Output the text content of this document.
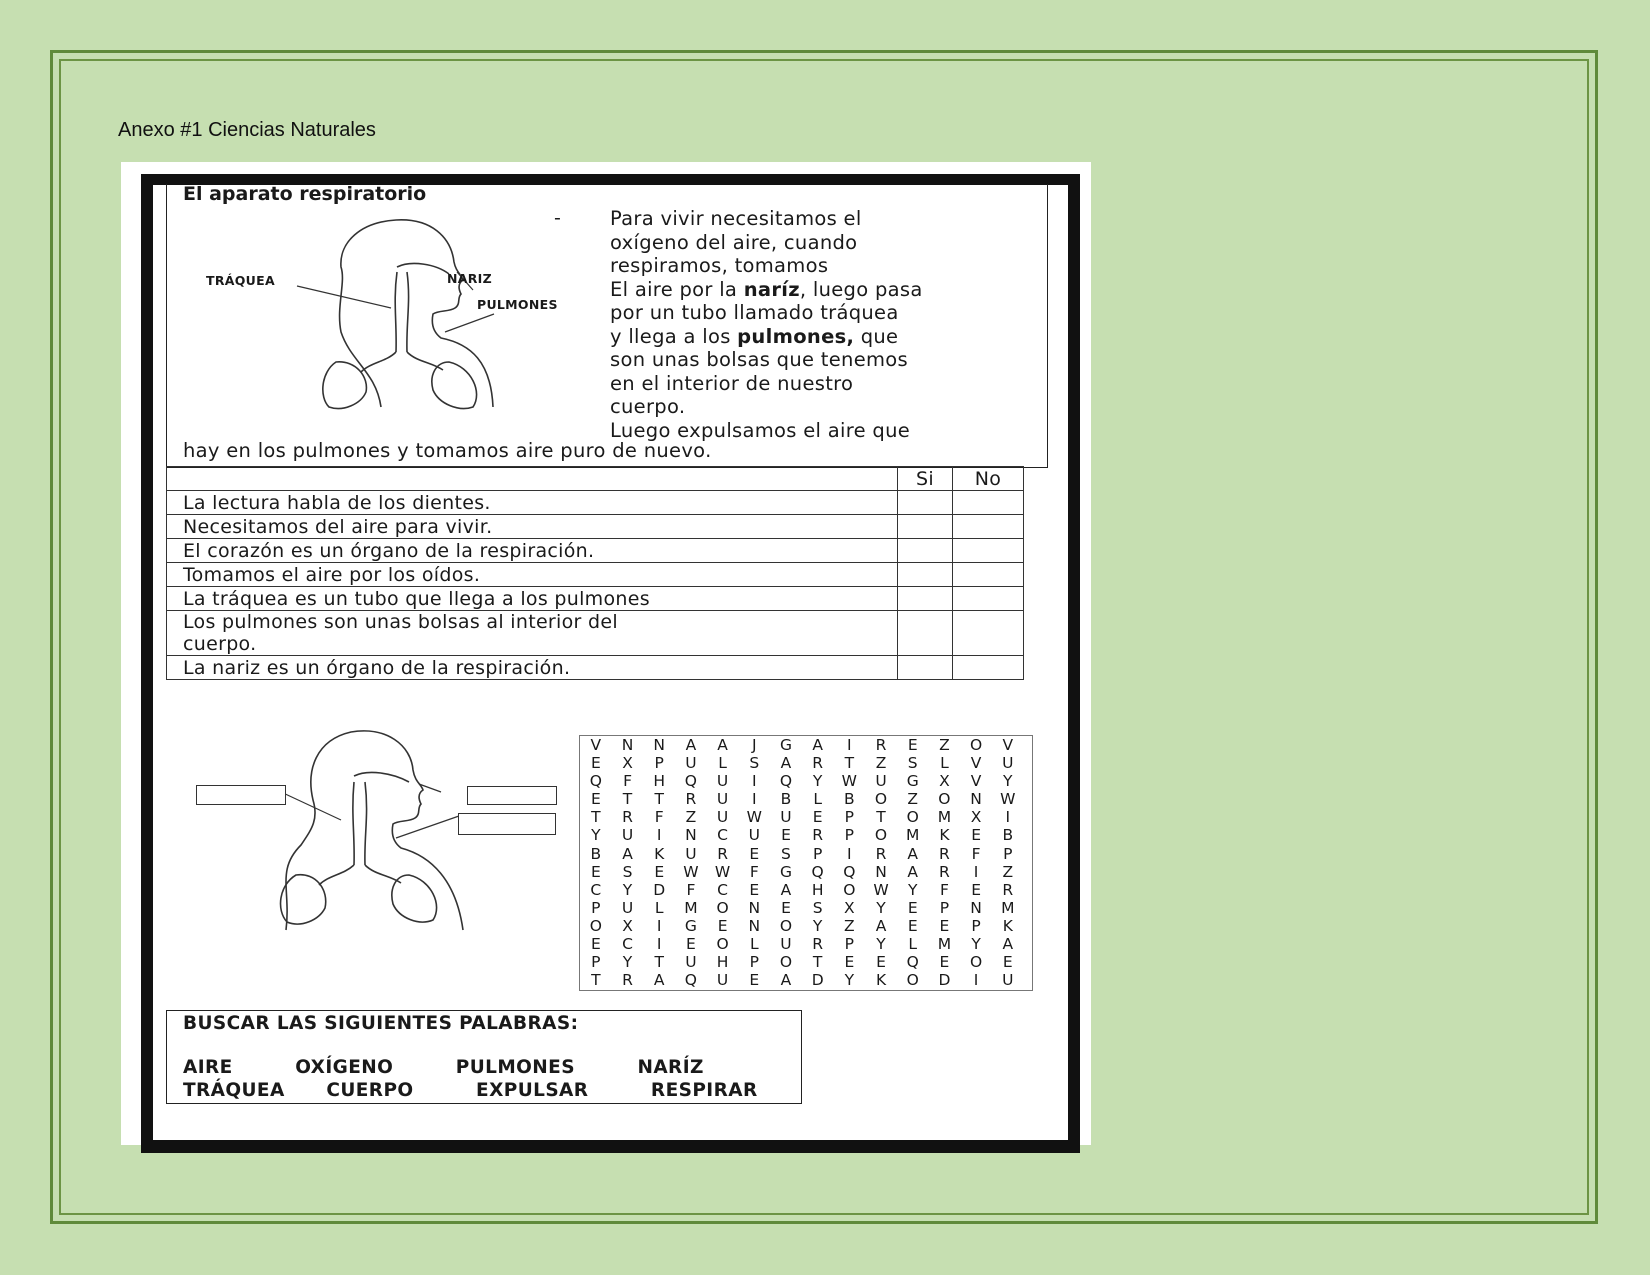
Anexo #1 Ciencias Naturales
El aparato respiratorio
-
TRÁQUEA	NARIZ
PULMONES
Para vivir necesitamos el
oxígeno del aire, cuando
respiramos, tomamos
El aire por la naríz, luego pasa
por un tubo llamado tráquea
y llega a los pulmones, que
son unas bolsas que tenemos
en el interior de nuestro
cuerpo.
Luego expulsamos el aire que
hay en los pulmones y tomamos aire puro de nuevo.
	Si	No
La lectura habla de los dientes.		
Necesitamos del aire para vivir.		
El corazón es un órgano de la respiración.		
Tomamos el aire por los oídos.		
La tráquea es un tubo que llega a los pulmones		

Los pulmones son unas bolsas al interior del
cuerpo.		

La nariz es un órgano de la respiración.		
V	N	N	A	A	J	G	A	I	R	E	Z	O	V
E	X	P	U	L	S	A	R	T	Z	S	L	V	U
Q	F	H	Q	U	I	Q	Y	W	U	G	X	V	Y
E	T	T	R	U	I	B	L	B	O	Z	O	N	W
T	R	F	Z	U	W	U	E	P	T	O	M	X	I
Y	U	I	N	C	U	E	R	P	O	M	K	E	B
B	A	K	U	R	E	S	P	I	R	A	R	F	P
E	S	E	W	W	F	G	Q	Q	N	A	R	I	Z
C	Y	D	F	C	E	A	H	O	W	Y	F	E	R
P	U	L	M	O	N	E	S	X	Y	E	P	N	M
O	X	I	G	E	N	O	Y	Z	A	E	E	P	K
E	C	I	E	O	L	U	R	P	Y	L	M	Y	A
P	Y	T	U	H	P	O	T	E	E	Q	E	O	E
T	R	A	Q	U	E	A	D	Y	K	O	D	I	U
BUSCAR LAS SIGUIENTES PALABRAS:
AIRE   OXÍGENO   PULMONES   NARÍZ
TRÁQUEA  CUERPO   EXPULSAR   RESPIRAR
